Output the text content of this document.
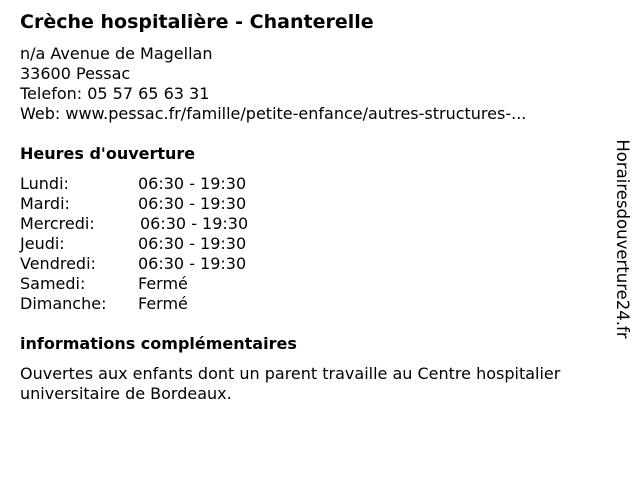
Crèche hospitalière - Chanterelle
n/a Avenue de Magellan
33600 Pessac
Telefon: 05 57 65 63 31
Web: www.pessac.fr/famille/petite-enfance/autres-structures-...
Heures d'ouverture
Lundi:	06:30 - 19:30
Mardi:	06:30 - 19:30
Mercredi:	06:30 - 19:30
Jeudi:	06:30 - 19:30
Vendredi:	06:30 - 19:30
Samedi:	Fermé
Dimanche:	Fermé
informations complémentaires
Ouvertes aux enfants dont un parent travaille au Centre hospitalier universitaire de Bordeaux.
Horairesdouverture24.fr
